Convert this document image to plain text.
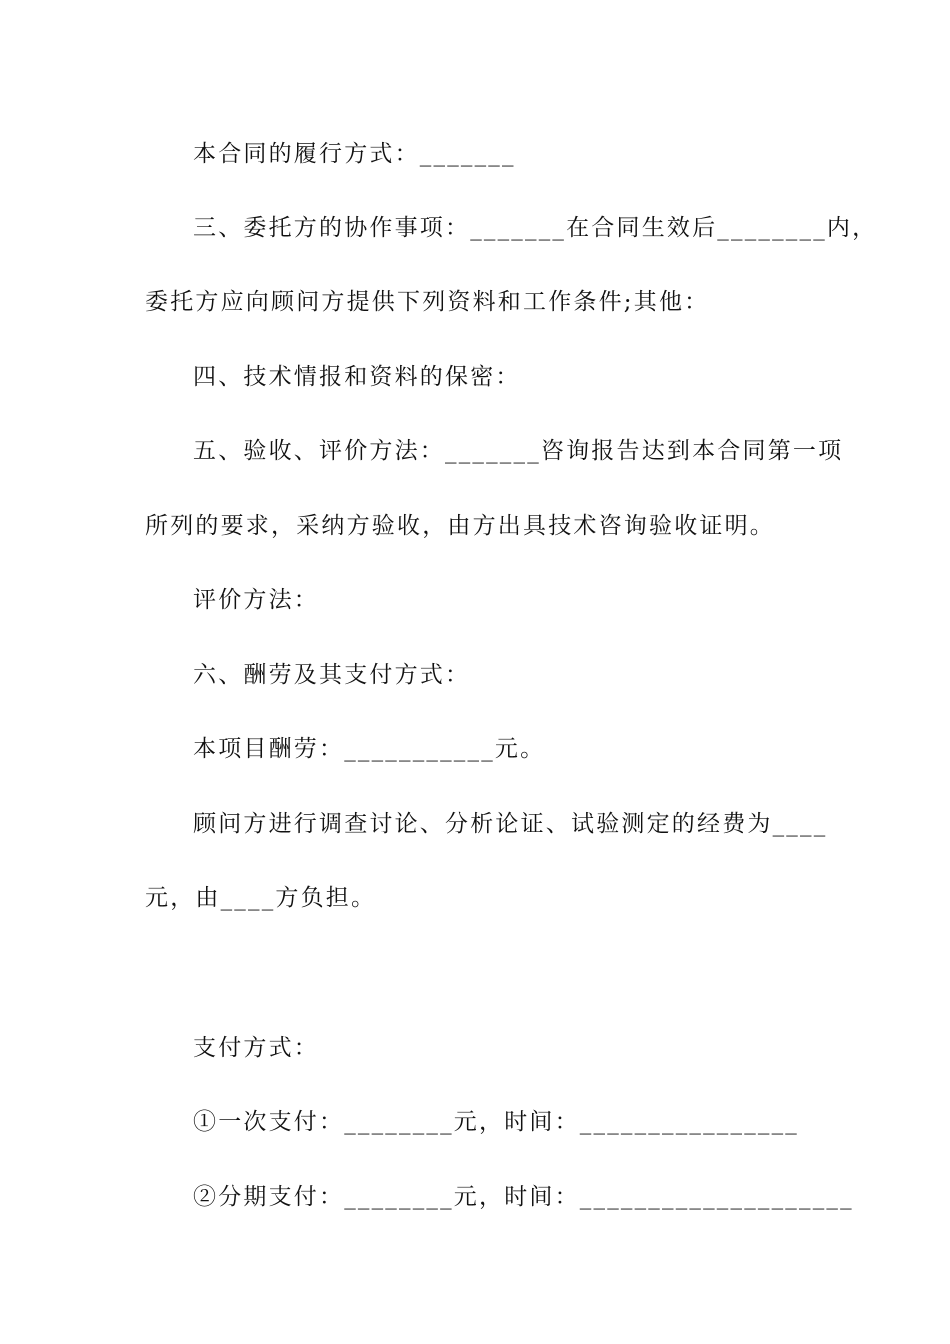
本合同的履行方式：_______
三、委托方的协作事项：_______在合同生效后________内，
委托方应向顾问方提供下列资料和工作条件;其他：
四、技术情报和资料的保密：
五、验收、评价方法：_______咨询报告达到本合同第一项
所列的要求，采纳方验收，由方出具技术咨询验收证明。
评价方法：
六、酬劳及其支付方式：
本项目酬劳：___________元。
顾问方进行调查讨论、分析论证、试验测定的经费为____
元，由____方负担。
支付方式：
①一次支付：________元，时间：________________
②分期支付：________元，时间：____________________
